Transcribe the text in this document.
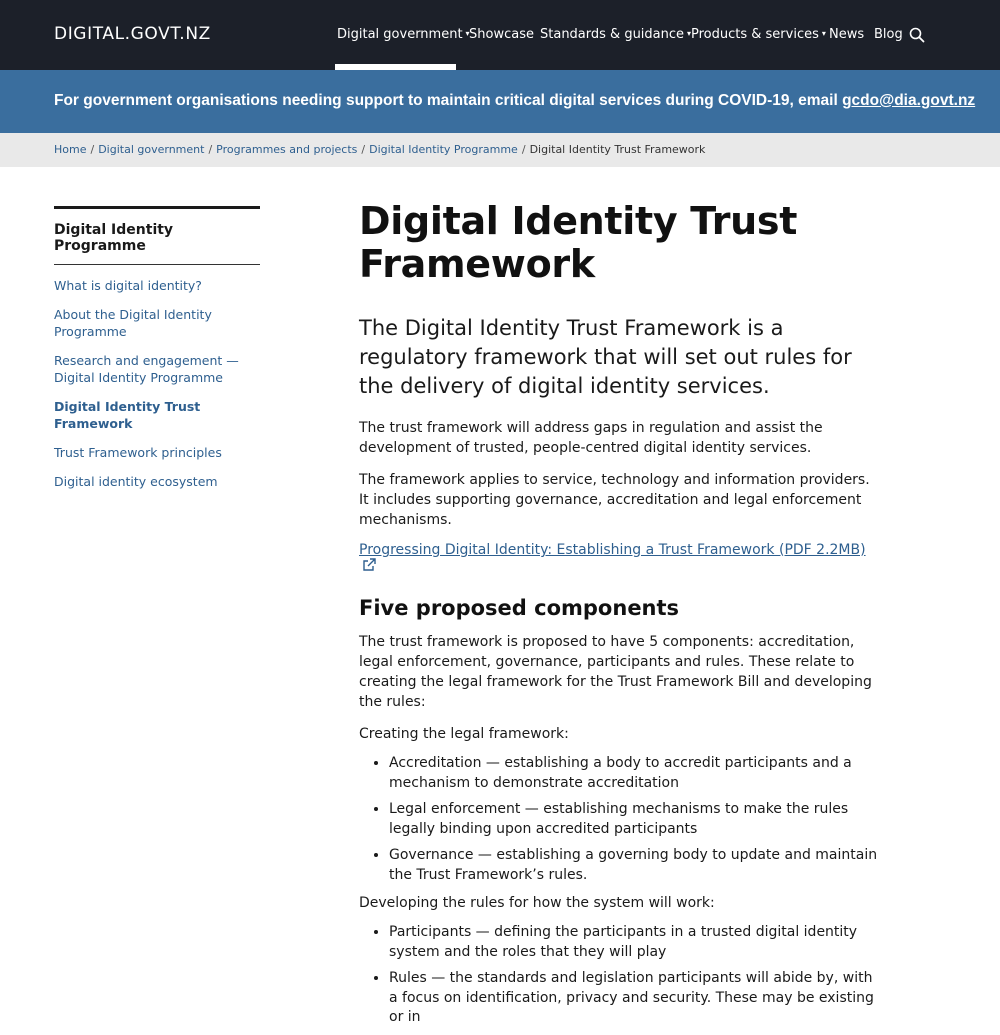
DIGITAL.GOVT.NZ	Digital government ▾ Showcase Standards & guidance ▾ Products & services ▾ News Blog
For government organisations needing support to maintain critical digital services during COVID-19, email gcdo@dia.govt.nz
Home / Digital government / Programmes and projects / Digital Identity Programme / Digital Identity Trust Framework
Digital Identity Programme
What is digital identity?
About the Digital Identity Programme
Research and engagement — Digital Identity Programme
Digital Identity Trust Framework
Trust Framework principles
Digital identity ecosystem
Digital Identity Trust Framework

The Digital Identity Trust Framework is a regulatory framework that will set out rules for the delivery of digital identity services.

The trust framework will address gaps in regulation and assist the development of trusted, people-centred digital identity services.

The framework applies to service, technology and information providers. It includes supporting governance, accreditation and legal enforcement mechanisms.

Progressing Digital Identity: Establishing a Trust Framework (PDF 2.2MB)
Five proposed components

The trust framework is proposed to have 5 components: accreditation, legal enforcement, governance, participants and rules. These relate to creating the legal framework for the Trust Framework Bill and developing the rules:

Creating the legal framework:

• Accreditation — establishing a body to accredit participants and a mechanism to demonstrate accreditation
• Legal enforcement — establishing mechanisms to make the rules legally binding upon accredited participants
• Governance — establishing a governing body to update and maintain the Trust Framework’s rules.

Developing the rules for how the system will work:

• Participants — defining the participants in a trusted digital identity system and the roles that they will play
• Rules — the standards and legislation participants will abide by, with a focus on identification, privacy and security. These may be existing or in
